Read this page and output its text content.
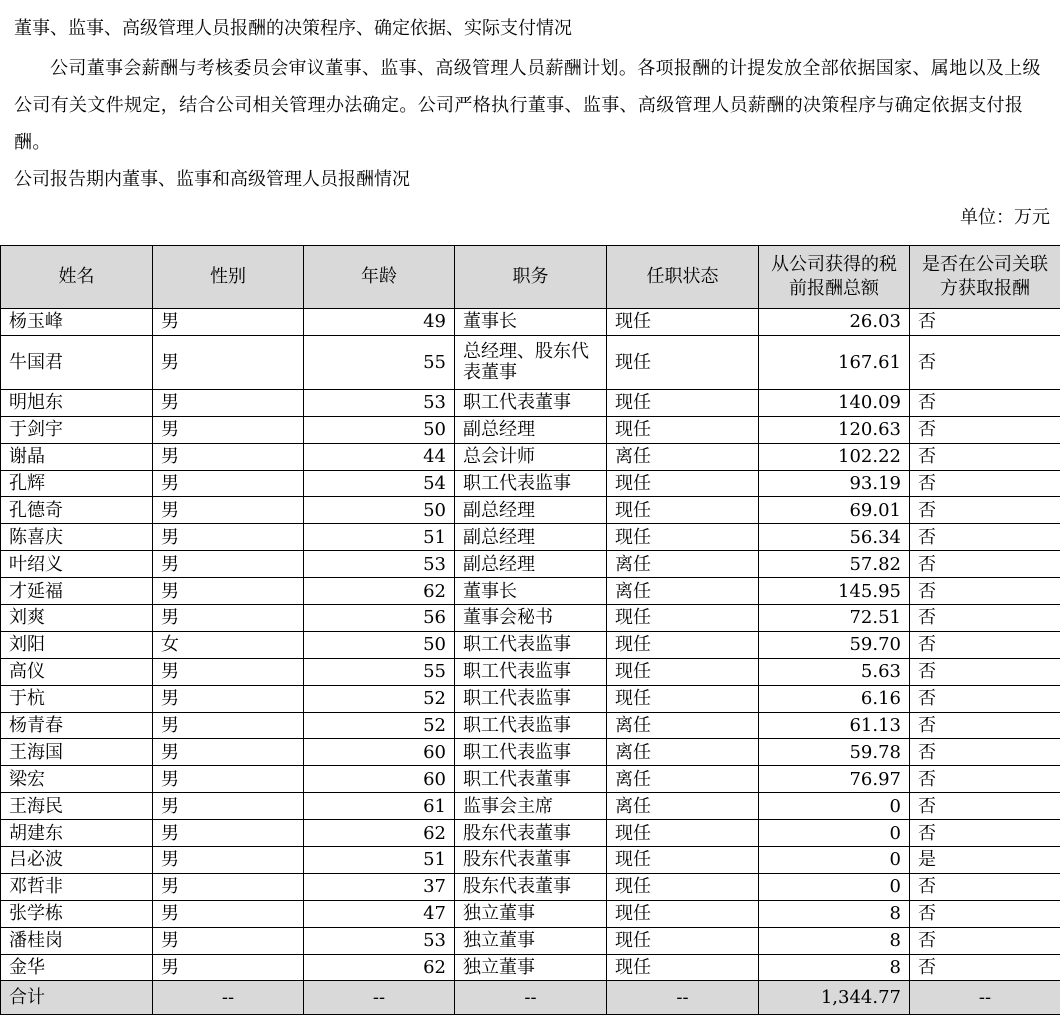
董事、监事、高级管理人员报酬的决策程序、确定依据、实际支付情况

公司董事会薪酬与考核委员会审议董事、监事、高级管理人员薪酬计划。各项报酬的计提发放全部依据国家、属地以及上级公司有关文件规定，结合公司相关管理办法确定。公司严格执行董事、监事、高级管理人员薪酬的决策程序与确定依据支付报酬。

公司报告期内董事、监事和高级管理人员报酬情况
单位：万元
姓名	性别	年龄	职务	任职状态	从公司获得的税前报酬总额	是否在公司关联方获取报酬
杨玉峰	男	49	董事长	现任	26.03	否
牛国君	男	55	总经理、股东代表董事	现任	167.61	否
明旭东	男	53	职工代表董事	现任	140.09	否
于剑宇	男	50	副总经理	现任	120.63	否
谢晶	男	44	总会计师	离任	102.22	否
孔辉	男	54	职工代表监事	现任	93.19	否
孔德奇	男	50	副总经理	现任	69.01	否
陈喜庆	男	51	副总经理	现任	56.34	否
叶绍义	男	53	副总经理	离任	57.82	否
才延福	男	62	董事长	离任	145.95	否
刘爽	男	56	董事会秘书	现任	72.51	否
刘阳	女	50	职工代表监事	现任	59.70	否
高仪	男	55	职工代表监事	现任	5.63	否
于杭	男	52	职工代表监事	现任	6.16	否
杨青春	男	52	职工代表监事	离任	61.13	否
王海国	男	60	职工代表监事	离任	59.78	否
梁宏	男	60	职工代表董事	离任	76.97	否
王海民	男	61	监事会主席	离任	0	否
胡建东	男	62	股东代表董事	现任	0	否
吕必波	男	51	股东代表董事	现任	0	是
邓哲非	男	37	股东代表董事	现任	0	否
张学栋	男	47	独立董事	现任	8	否
潘桂岗	男	53	独立董事	现任	8	否
金华	男	62	独立董事	现任	8	否
合计	--	--	--	--	1,344.77	--
